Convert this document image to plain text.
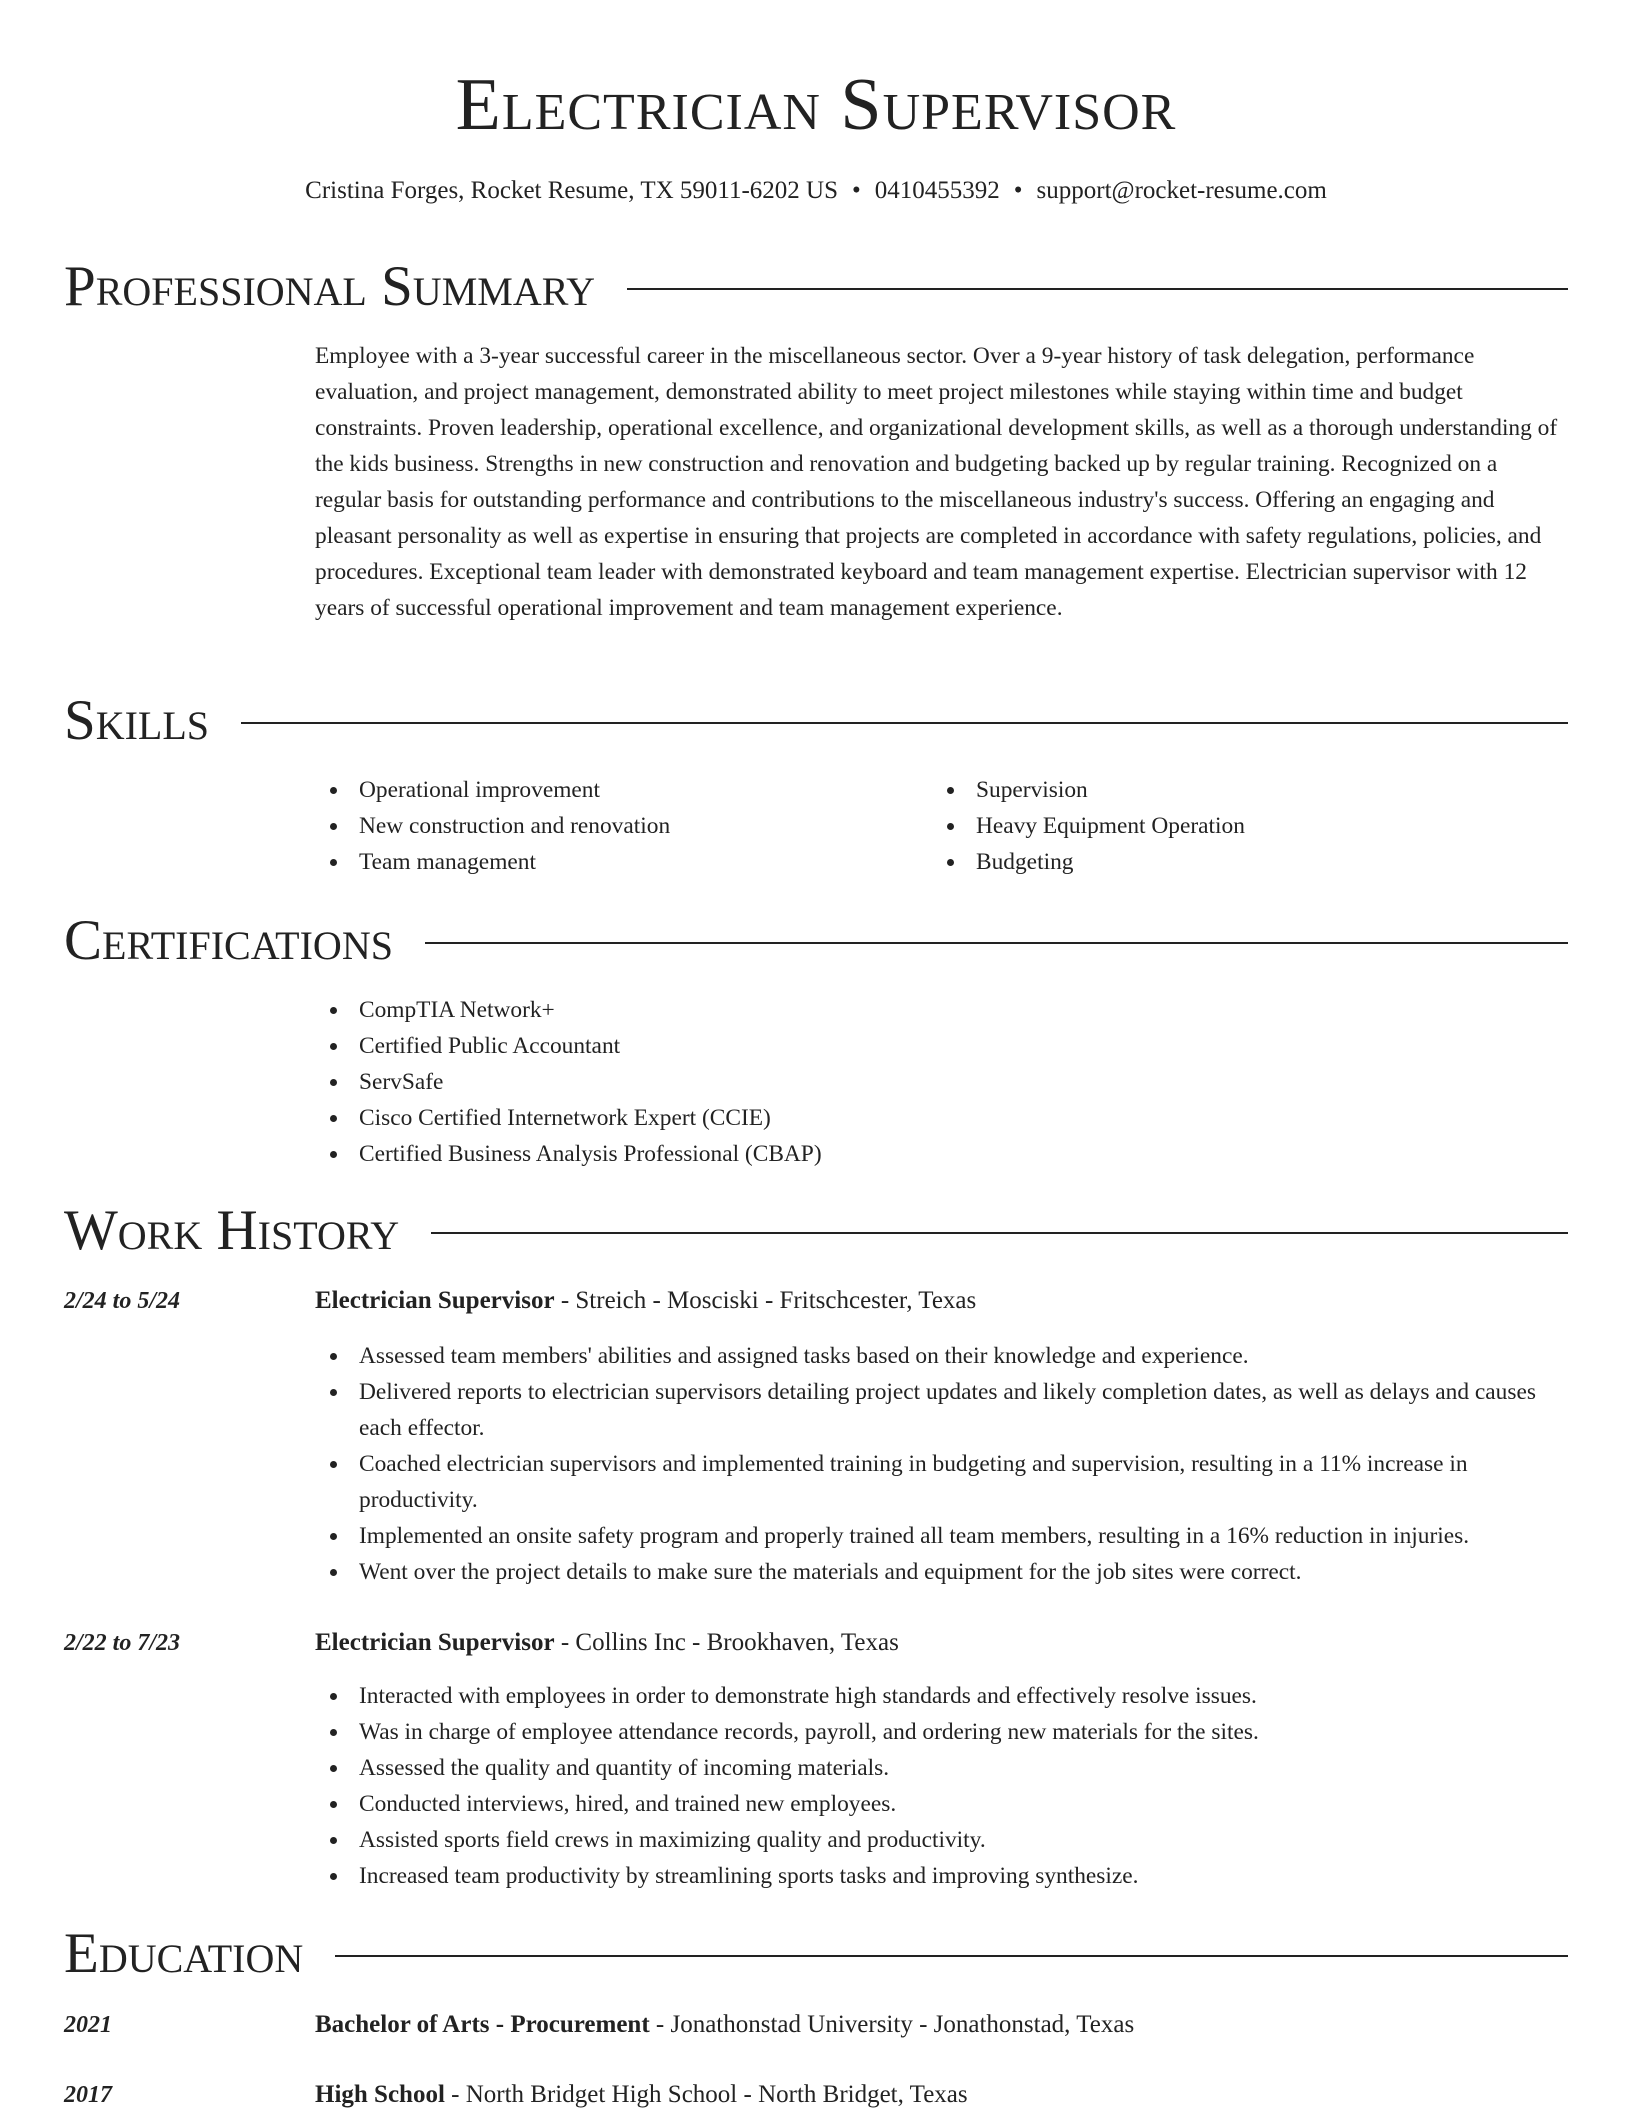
Electrician Supervisor
Cristina Forges, Rocket Resume, TX 59011-6202 US • 0410455392 • support@rocket-resume.com
Professional Summary
Employee with a 3-year successful career in the miscellaneous sector. Over a 9-year history of task delegation, performance evaluation, and project management, demonstrated ability to meet project milestones while staying within time and budget constraints. Proven leadership, operational excellence, and organizational development skills, as well as a thorough understanding of the kids business. Strengths in new construction and renovation and budgeting backed up by regular training. Recognized on a regular basis for outstanding performance and contributions to the miscellaneous industry's success. Offering an engaging and pleasant personality as well as expertise in ensuring that projects are completed in accordance with safety regulations, policies, and procedures. Exceptional team leader with demonstrated keyboard and team management expertise. Electrician supervisor with 12 years of successful operational improvement and team management experience.
Skills
Operational improvement
New construction and renovation
Team management
Supervision
Heavy Equipment Operation
Budgeting
Certifications
CompTIA Network+
Certified Public Accountant
ServSafe
Cisco Certified Internetwork Expert (CCIE)
Certified Business Analysis Professional (CBAP)
Work History
2/24 to 5/24	Electrician Supervisor - Streich - Mosciski - Fritschcester, Texas
Assessed team members' abilities and assigned tasks based on their knowledge and experience.
Delivered reports to electrician supervisors detailing project updates and likely completion dates, as well as delays and causes each effector.
Coached electrician supervisors and implemented training in budgeting and supervision, resulting in a 11% increase in productivity.
Implemented an onsite safety program and properly trained all team members, resulting in a 16% reduction in injuries.
Went over the project details to make sure the materials and equipment for the job sites were correct.
2/22 to 7/23	Electrician Supervisor - Collins Inc - Brookhaven, Texas
Interacted with employees in order to demonstrate high standards and effectively resolve issues.
Was in charge of employee attendance records, payroll, and ordering new materials for the sites.
Assessed the quality and quantity of incoming materials.
Conducted interviews, hired, and trained new employees.
Assisted sports field crews in maximizing quality and productivity.
Increased team productivity by streamlining sports tasks and improving synthesize.
Education
2021	Bachelor of Arts - Procurement - Jonathonstad University - Jonathonstad, Texas
2017	High School - North Bridget High School - North Bridget, Texas
